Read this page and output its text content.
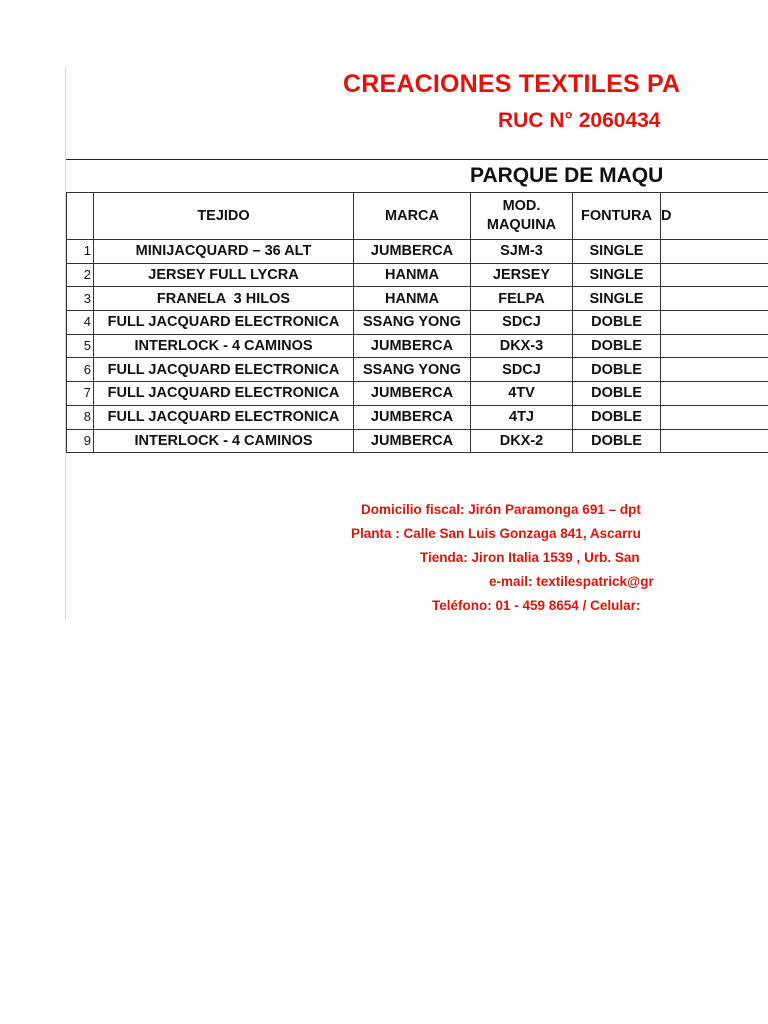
CREACIONES TEXTILES PA
RUC N° 2060434
PARQUE DE MAQU
	TEJIDO	MARCA	MOD. MAQUINA	FONTURA	D
1	MINIJACQUARD – 36 ALT	JUMBERCA	SJM-3	SINGLE	
2	JERSEY FULL LYCRA	HANMA	JERSEY	SINGLE	
3	FRANELA  3 HILOS	HANMA	FELPA	SINGLE	
4	FULL JACQUARD ELECTRONICA	SSANG YONG	SDCJ	DOBLE	
5	INTERLOCK - 4 CAMINOS	JUMBERCA	DKX-3	DOBLE	
6	FULL JACQUARD ELECTRONICA	SSANG YONG	SDCJ	DOBLE	
7	FULL JACQUARD ELECTRONICA	JUMBERCA	4TV	DOBLE	
8	FULL JACQUARD ELECTRONICA	JUMBERCA	4TJ	DOBLE	
9	INTERLOCK - 4 CAMINOS	JUMBERCA	DKX-2	DOBLE	
Domicilio fiscal: Jirón Paramonga 691 – dpt
Planta : Calle San Luis Gonzaga 841, Ascarru
Tienda: Jiron Italia 1539 , Urb. San
e-mail: textilespatrick@gr
Teléfono: 01 - 459 8654 / Celular:
